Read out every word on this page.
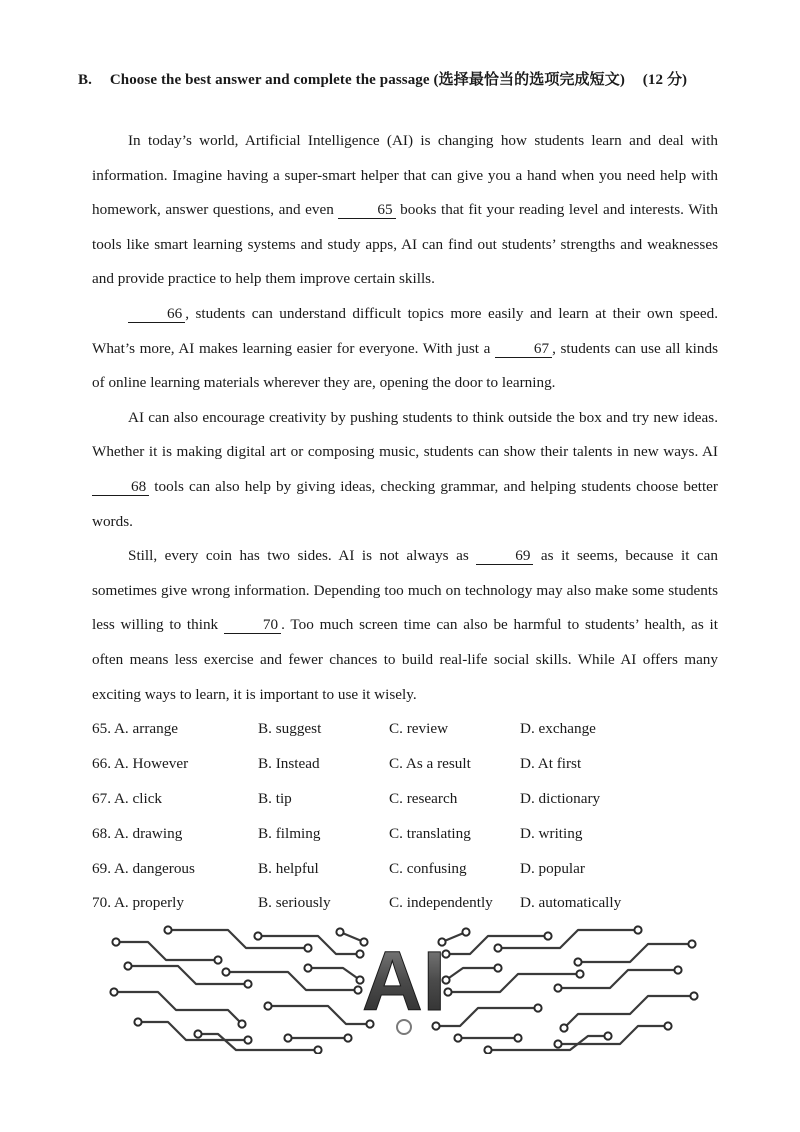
B. Choose the best answer and complete the passage (选择最恰当的选项完成短文) (12 分)

In today’s world, Artificial Intelligence (AI) is changing how students learn and deal with information. Imagine having a super-smart helper that can give you a hand when you need help with homework, answer questions, and even	65 books that fit your reading level and interests. With tools like smart learning systems and study apps, AI can find out students’ strengths and weaknesses and provide practice to help them improve certain skills.

66 , students can understand difficult topics more easily and learn at their own speed. What’s more, AI makes learning easier for everyone. With just a	67 , students can use all kinds of online learning materials wherever they are, opening the door to learning.

AI can also encourage creativity by pushing students to think outside the box and try new ideas. Whether it is making digital art or composing music, students can show their talents in new ways. AI 68 tools can also help by giving ideas, checking grammar, and helping students choose better words.

Still, every coin has two sides. AI is not always as	69 as it seems, because it can sometimes give wrong information. Depending too much on technology may also make some students less willing to think	70 . Too much screen time can also be harmful to students’ health, as it often means less exercise and fewer chances to build real-life social skills. While AI offers many exciting ways to learn, it is important to use it wisely.

65. A. arrange	B. suggest	C. review	D. exchange
66. A. However	B. Instead	C. As a result	D. At first
67. A. click	B. tip	C. research	D. dictionary
68. A. drawing	B. filming	C. translating	D. writing
69. A. dangerous	B. helpful	C. confusing	D. popular
70. A. properly	B. seriously	C. independently	D. automatically
AI
